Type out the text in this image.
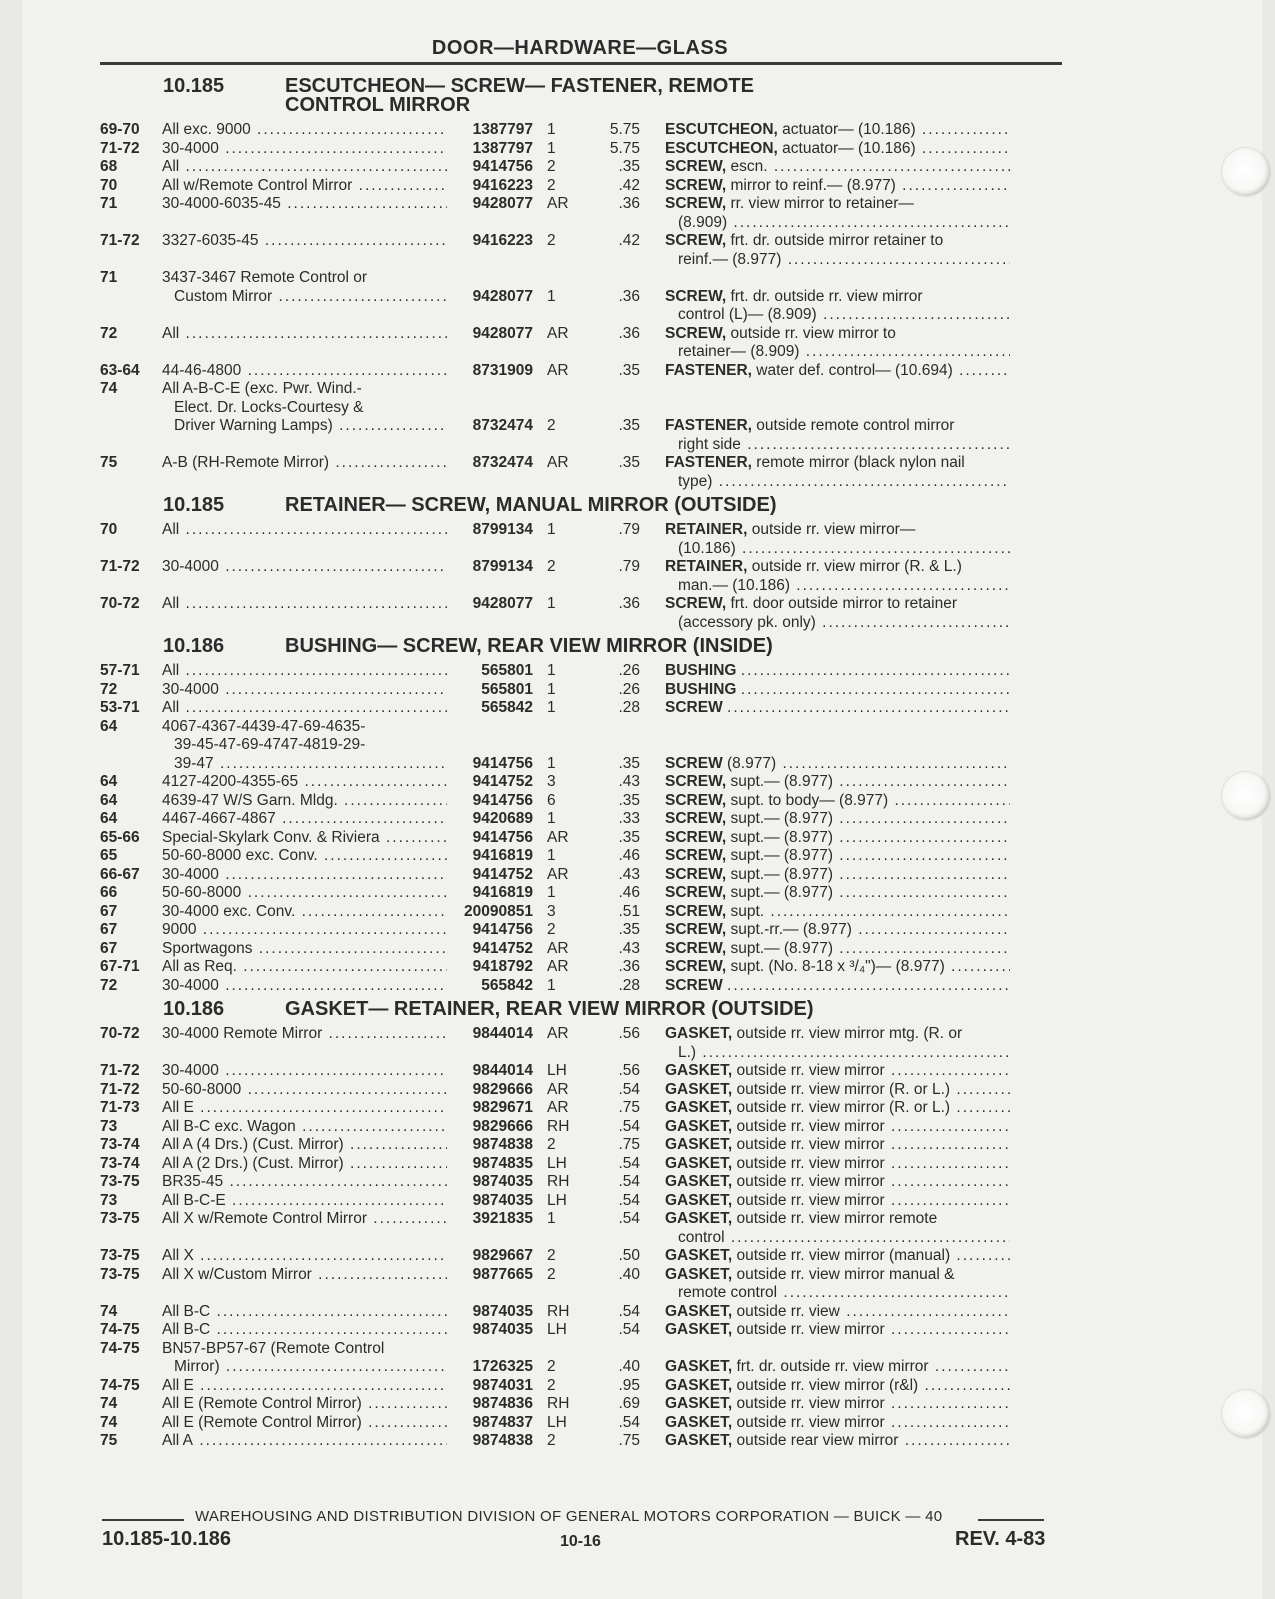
DOOR—HARDWARE—GLASS
10.185	ESCUTCHEON— SCREW— FASTENER, REMOTE CONTROL MIRROR
69-70	All exc. 9000 .....	1387797 1	5.75 ESCUTCHEON, actuator— (10.186) .....
71-72	30-4000 .....	1387797 1	5.75 ESCUTCHEON, actuator— (10.186) .....
68	All .....	9414756 2	.35 SCREW, escn. .....
70	All w/Remote Control Mirror .....	9416223 2	.42 SCREW, mirror to reinf.— (8.977) .....
71	30-4000-6035-45 .....	9428077 AR	.36 SCREW, rr. view mirror to retainer—
(8.909) .....
71-72	3327-6035-45 .....	9416223 2	.42 SCREW, frt. dr. outside mirror retainer to
reinf.— (8.977) .....
71	3437-3467 Remote Control or
Custom Mirror .....	9428077 1	.36 SCREW, frt. dr. outside rr. view mirror
control (L)— (8.909) .....
72	All .....	9428077 AR	.36 SCREW, outside rr. view mirror to
retainer— (8.909) .....
63-64	44-46-4800 .....	8731909 AR	.35 FASTENER, water def. control— (10.694) .....
74	All A-B-C-E (exc. Pwr. Wind.-
Elect. Dr. Locks-Courtesy &
Driver Warning Lamps) .....	8732474 2	.35 FASTENER, outside remote control mirror
right side .....
75	A-B (RH-Remote Mirror) .....	8732474 AR	.35 FASTENER, remote mirror (black nylon nail
type) .....
10.185	RETAINER— SCREW, MANUAL MIRROR (OUTSIDE)
70	All .....	8799134 1	.79 RETAINER, outside rr. view mirror—
(10.186) .....
71-72	30-4000 .....	8799134 2	.79 RETAINER, outside rr. view mirror (R. & L.)
man.— (10.186) .....
70-72	All .....	9428077 1	.36 SCREW, frt. door outside mirror to retainer
(accessory pk. only) .....
10.186	BUSHING— SCREW, REAR VIEW MIRROR (INSIDE)
57-71	All .....	565801 1	.26 BUSHING .....
72	30-4000 .....	565801 1	.26 BUSHING .....
53-71	All .....	565842 1	.28 SCREW .....
64	4067-4367-4439-47-69-4635-
39-45-47-69-4747-4819-29-
39-47 .....	9414756 1	.35 SCREW (8.977) .....
64	4127-4200-4355-65 .....	9414752 3	.43 SCREW, supt.— (8.977) .....
64	4639-47 W/S Garn. Mldg. .....	9414756 6	.35 SCREW, supt. to body— (8.977) .....
64	4467-4667-4867 .....	9420689 1	.33 SCREW, supt.— (8.977) .....
65-66	Special-Skylark Conv. & Riviera .....	9414756 AR	.35 SCREW, supt.— (8.977) .....
65	50-60-8000 exc. Conv. .....	9416819 1	.46 SCREW, supt.— (8.977) .....
66-67	30-4000 .....	9414752 AR	.43 SCREW, supt.— (8.977) .....
66	50-60-8000 .....	9416819 1	.46 SCREW, supt.— (8.977) .....
67	30-4000 exc. Conv. .....	20090851 3	.51 SCREW, supt. .....
67	9000 .....	9414756 2	.35 SCREW, supt.-rr.— (8.977) .....
67	Sportwagons .....	9414752 AR	.43 SCREW, supt.— (8.977) .....
67-71	All as Req. .....	9418792 AR	.36 SCREW, supt. (No. 8-18 x ³/₄")— (8.977) .....
72	30-4000 .....	565842 1	.28 SCREW .....
10.186	GASKET— RETAINER, REAR VIEW MIRROR (OUTSIDE)
70-72	30-4000 Remote Mirror .....	9844014 AR	.56 GASKET, outside rr. view mirror mtg. (R. or
L.) .....
71-72	30-4000 .....	9844014 LH	.56 GASKET, outside rr. view mirror .....
71-72	50-60-8000 .....	9829666 AR	.54 GASKET, outside rr. view mirror (R. or L.) .....
71-73	All E .....	9829671 AR	.75 GASKET, outside rr. view mirror (R. or L.) .....
73	All B-C exc. Wagon .....	9829666 RH	.54 GASKET, outside rr. view mirror .....
73-74	All A (4 Drs.) (Cust. Mirror) .....	9874838 2	.75 GASKET, outside rr. view mirror .....
73-74	All A (2 Drs.) (Cust. Mirror) .....	9874835 LH	.54 GASKET, outside rr. view mirror .....
73-75	BR35-45 .....	9874035 RH	.54 GASKET, outside rr. view mirror .....
73	All B-C-E .....	9874035 LH	.54 GASKET, outside rr. view mirror .....
73-75	All X w/Remote Control Mirror .....	3921835 1	.54 GASKET, outside rr. view mirror remote
control .....
73-75	All X .....	9829667 2	.50 GASKET, outside rr. view mirror (manual) .....
73-75	All X w/Custom Mirror .....	9877665 2	.40 GASKET, outside rr. view mirror manual &
remote control .....
74	All B-C .....	9874035 RH	.54 GASKET, outside rr. view .....
74-75	All B-C .....	9874035 LH	.54 GASKET, outside rr. view mirror .....
74-75	BN57-BP57-67 (Remote Control
Mirror) .....	1726325 2	.40 GASKET, frt. dr. outside rr. view mirror .....
74-75	All E .....	9874031 2	.95 GASKET, outside rr. view mirror (r&l) .....
74	All E (Remote Control Mirror) .....	9874836 RH	.69 GASKET, outside rr. view mirror .....
74	All E (Remote Control Mirror) .....	9874837 LH	.54 GASKET, outside rr. view mirror .....
75	All A .....	9874838 2	.75 GASKET, outside rear view mirror .....
WAREHOUSING AND DISTRIBUTION DIVISION OF GENERAL MOTORS CORPORATION — BUICK — 40
10.185-10.186	10-16	REV. 4-83
